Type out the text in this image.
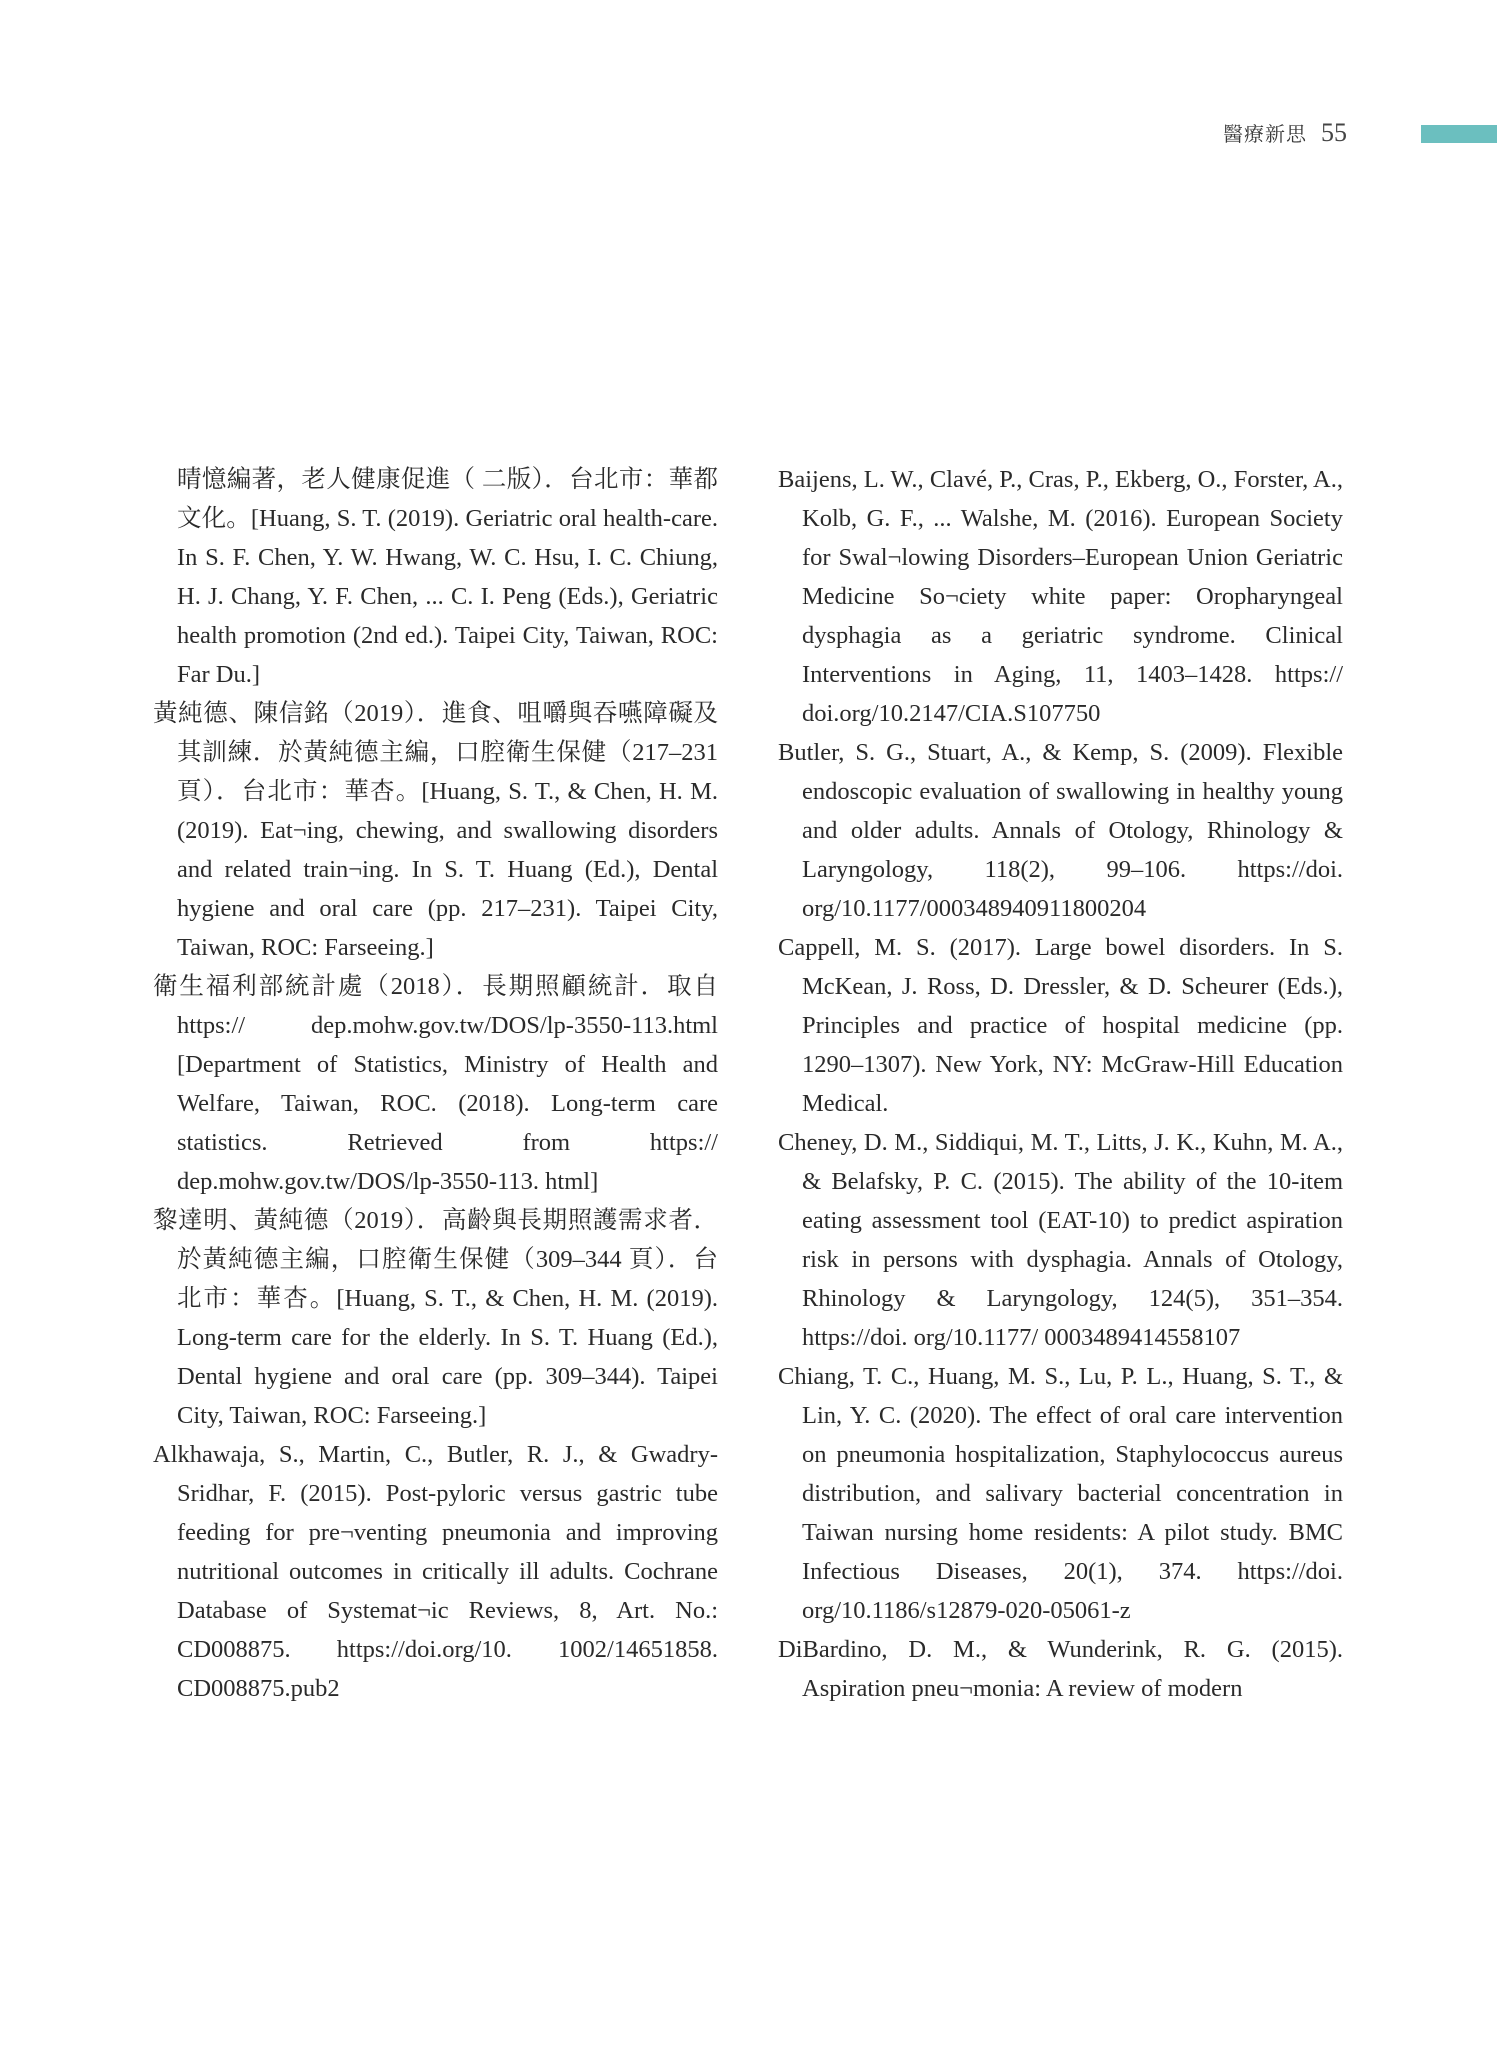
醫療新思 55

晴憶編著，老人健康促進（ 二版）．台北市：華都文化。[Huang, S. T. (2019). Geriatric oral health-care. In S. F. Chen, Y. W. Hwang, W. C. Hsu, I. C. Chiung, H. J. Chang, Y. F. Chen, ... C. I. Peng (Eds.), Geriatric health promotion (2nd ed.). Taipei City, Taiwan, ROC: Far Du.]

黃純德、陳信銘（2019）．進食、咀嚼與吞嚥障礙及其訓練．於黃純德主編，口腔衛生保健（217–231 頁）．台北市：華杏。[Huang, S. T., & Chen, H. M. (2019). Eat¬ing, chewing, and swallowing disorders and related train¬ing. In S. T. Huang (Ed.), Dental hygiene and oral care (pp. 217–231). Taipei City, Taiwan, ROC: Farseeing.]

衛生福利部統計處（2018）．長期照顧統計．取自 https:// dep.mohw.gov.tw/DOS/lp-3550-113.html [Department of Statistics, Ministry of Health and Welfare, Taiwan, ROC. (2018). Long-term care statistics. Retrieved from https:// dep.mohw.gov.tw/DOS/lp-3550-113. html]

黎達明、黃純德（2019）．高齡與長期照護需求者．於黃純德主編，口腔衛生保健（309–344 頁）．台北市：華杏。[Huang, S. T., & Chen, H. M. (2019). Long-term care for the elderly. In S. T. Huang (Ed.), Dental hygiene and oral care (pp. 309–344). Taipei City, Taiwan, ROC: Farseeing.]

Alkhawaja, S., Martin, C., Butler, R. J., & Gwadry-Sridhar, F. (2015). Post-pyloric versus gastric tube feeding for pre¬venting pneumonia and improving nutritional outcomes in critically ill adults. Cochrane Database of Systemat¬ic Reviews, 8, Art. No.: CD008875. https://doi.org/10. 1002/14651858. CD008875.pub2

Baijens, L. W., Clavé, P., Cras, P., Ekberg, O., Forster, A., Kolb, G. F., ... Walshe, M. (2016). European Society for Swal¬lowing Disorders–European Union Geriatric Medicine So¬ciety white paper: Oropharyngeal dysphagia as a geriatric syndrome. Clinical Interventions in Aging, 11, 1403–1428. https:// doi.org/10.2147/CIA.S107750

Butler, S. G., Stuart, A., & Kemp, S. (2009). Flexible endoscopic evaluation of swallowing in healthy young and older adults. Annals of Otology, Rhinology & Laryngology, 118(2), 99–106. https://doi. org/10.1177/000348940911800204

Cappell, M. S. (2017). Large bowel disorders. In S. McKean, J. Ross, D. Dressler, & D. Scheurer (Eds.), Principles and practice of hospital medicine (pp. 1290–1307). New York, NY: McGraw-Hill Education Medical.

Cheney, D. M., Siddiqui, M. T., Litts, J. K., Kuhn, M. A., & Belafsky, P. C. (2015). The ability of the 10-item eating assessment tool (EAT-10) to predict aspiration risk in persons with dysphagia. Annals of Otology, Rhinology & Laryngology, 124(5), 351–354. https://doi. org/10.1177/ 0003489414558107

Chiang, T. C., Huang, M. S., Lu, P. L., Huang, S. T., & Lin, Y. C. (2020). The effect of oral care intervention on pneumonia hospitalization, Staphylococcus aureus distribution, and salivary bacterial concentration in Taiwan nursing home residents: A pilot study. BMC Infectious Diseases, 20(1), 374. https://doi. org/10.1186/s12879-020-05061-z

DiBardino, D. M., & Wunderink, R. G. (2015). Aspiration pneu¬monia: A review of modern
